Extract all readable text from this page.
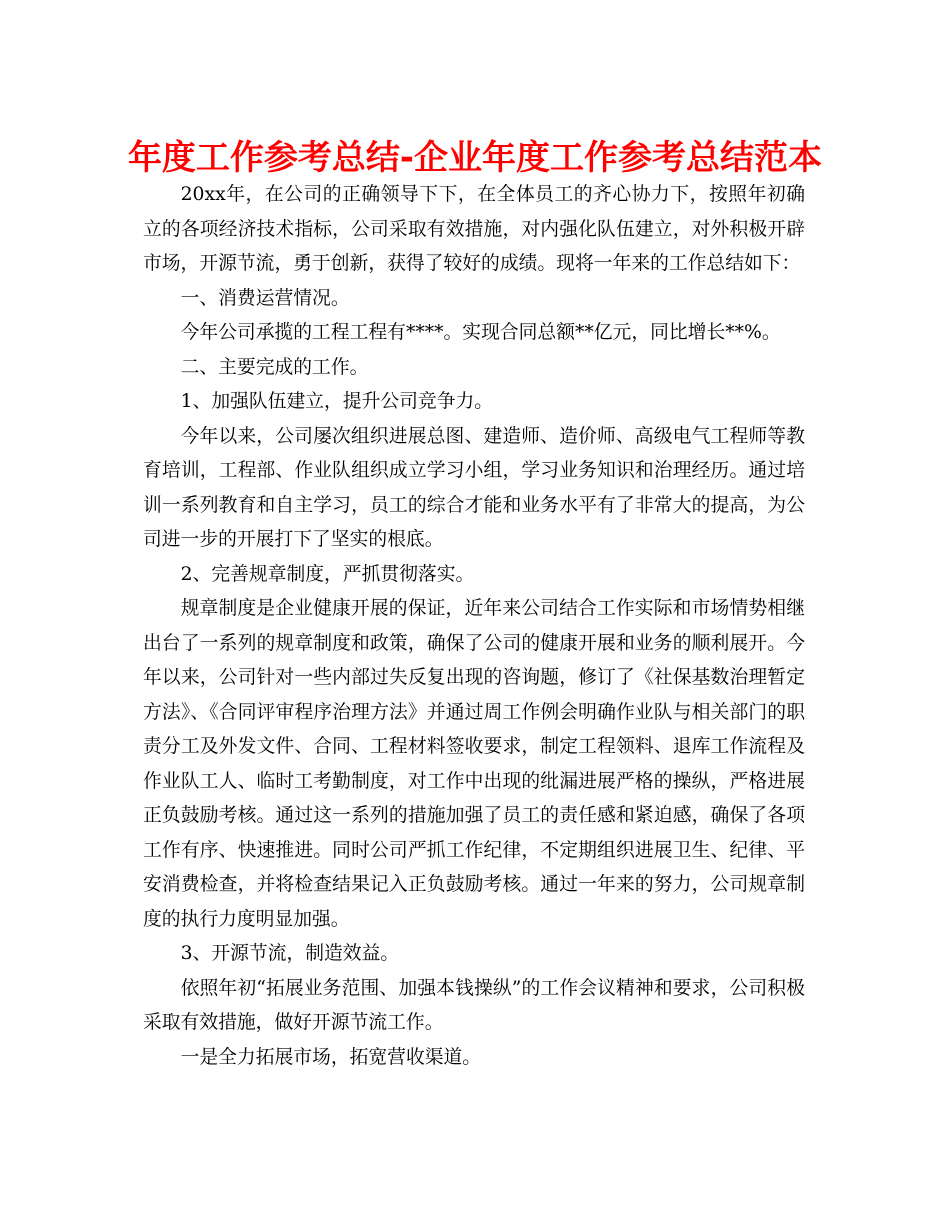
年度工作参考总结-企业年度工作参考总结范本

20xx年，在公司的正确领导下下，在全体员工的齐心协力下，按照年初确立的各项经济技术指标，公司采取有效措施，对内强化队伍建立，对外积极开辟市场，开源节流，勇于创新，获得了较好的成绩。现将一年来的工作总结如下：

一、消费运营情况。

今年公司承揽的工程工程有****。实现合同总额**亿元，同比增长**%。

二、主要完成的工作。

1、加强队伍建立，提升公司竞争力。

今年以来，公司屡次组织进展总图、建造师、造价师、高级电气工程师等教育培训，工程部、作业队组织成立学习小组，学习业务知识和治理经历。通过培训一系列教育和自主学习，员工的综合才能和业务水平有了非常大的提高，为公司进一步的开展打下了坚实的根底。

2、完善规章制度，严抓贯彻落实。

规章制度是企业健康开展的保证，近年来公司结合工作实际和市场情势相继出台了一系列的规章制度和政策，确保了公司的健康开展和业务的顺利展开。今年以来，公司针对一些内部过失反复出现的咨询题，修订了《社保基数治理暂定方法》、《合同评审程序治理方法》并通过周工作例会明确作业队与相关部门的职责分工及外发文件、合同、工程材料签收要求，制定工程领料、退库工作流程及作业队工人、临时工考勤制度，对工作中出现的纰漏进展严格的操纵，严格进展正负鼓励考核。通过这一系列的措施加强了员工的责任感和紧迫感，确保了各项工作有序、快速推进。同时公司严抓工作纪律，不定期组织进展卫生、纪律、平安消费检查，并将检查结果记入正负鼓励考核。通过一年来的努力，公司规章制度的执行力度明显加强。

3、开源节流，制造效益。

依照年初“拓展业务范围、加强本钱操纵”的工作会议精神和要求，公司积极采取有效措施，做好开源节流工作。

一是全力拓展市场，拓宽营收渠道。
